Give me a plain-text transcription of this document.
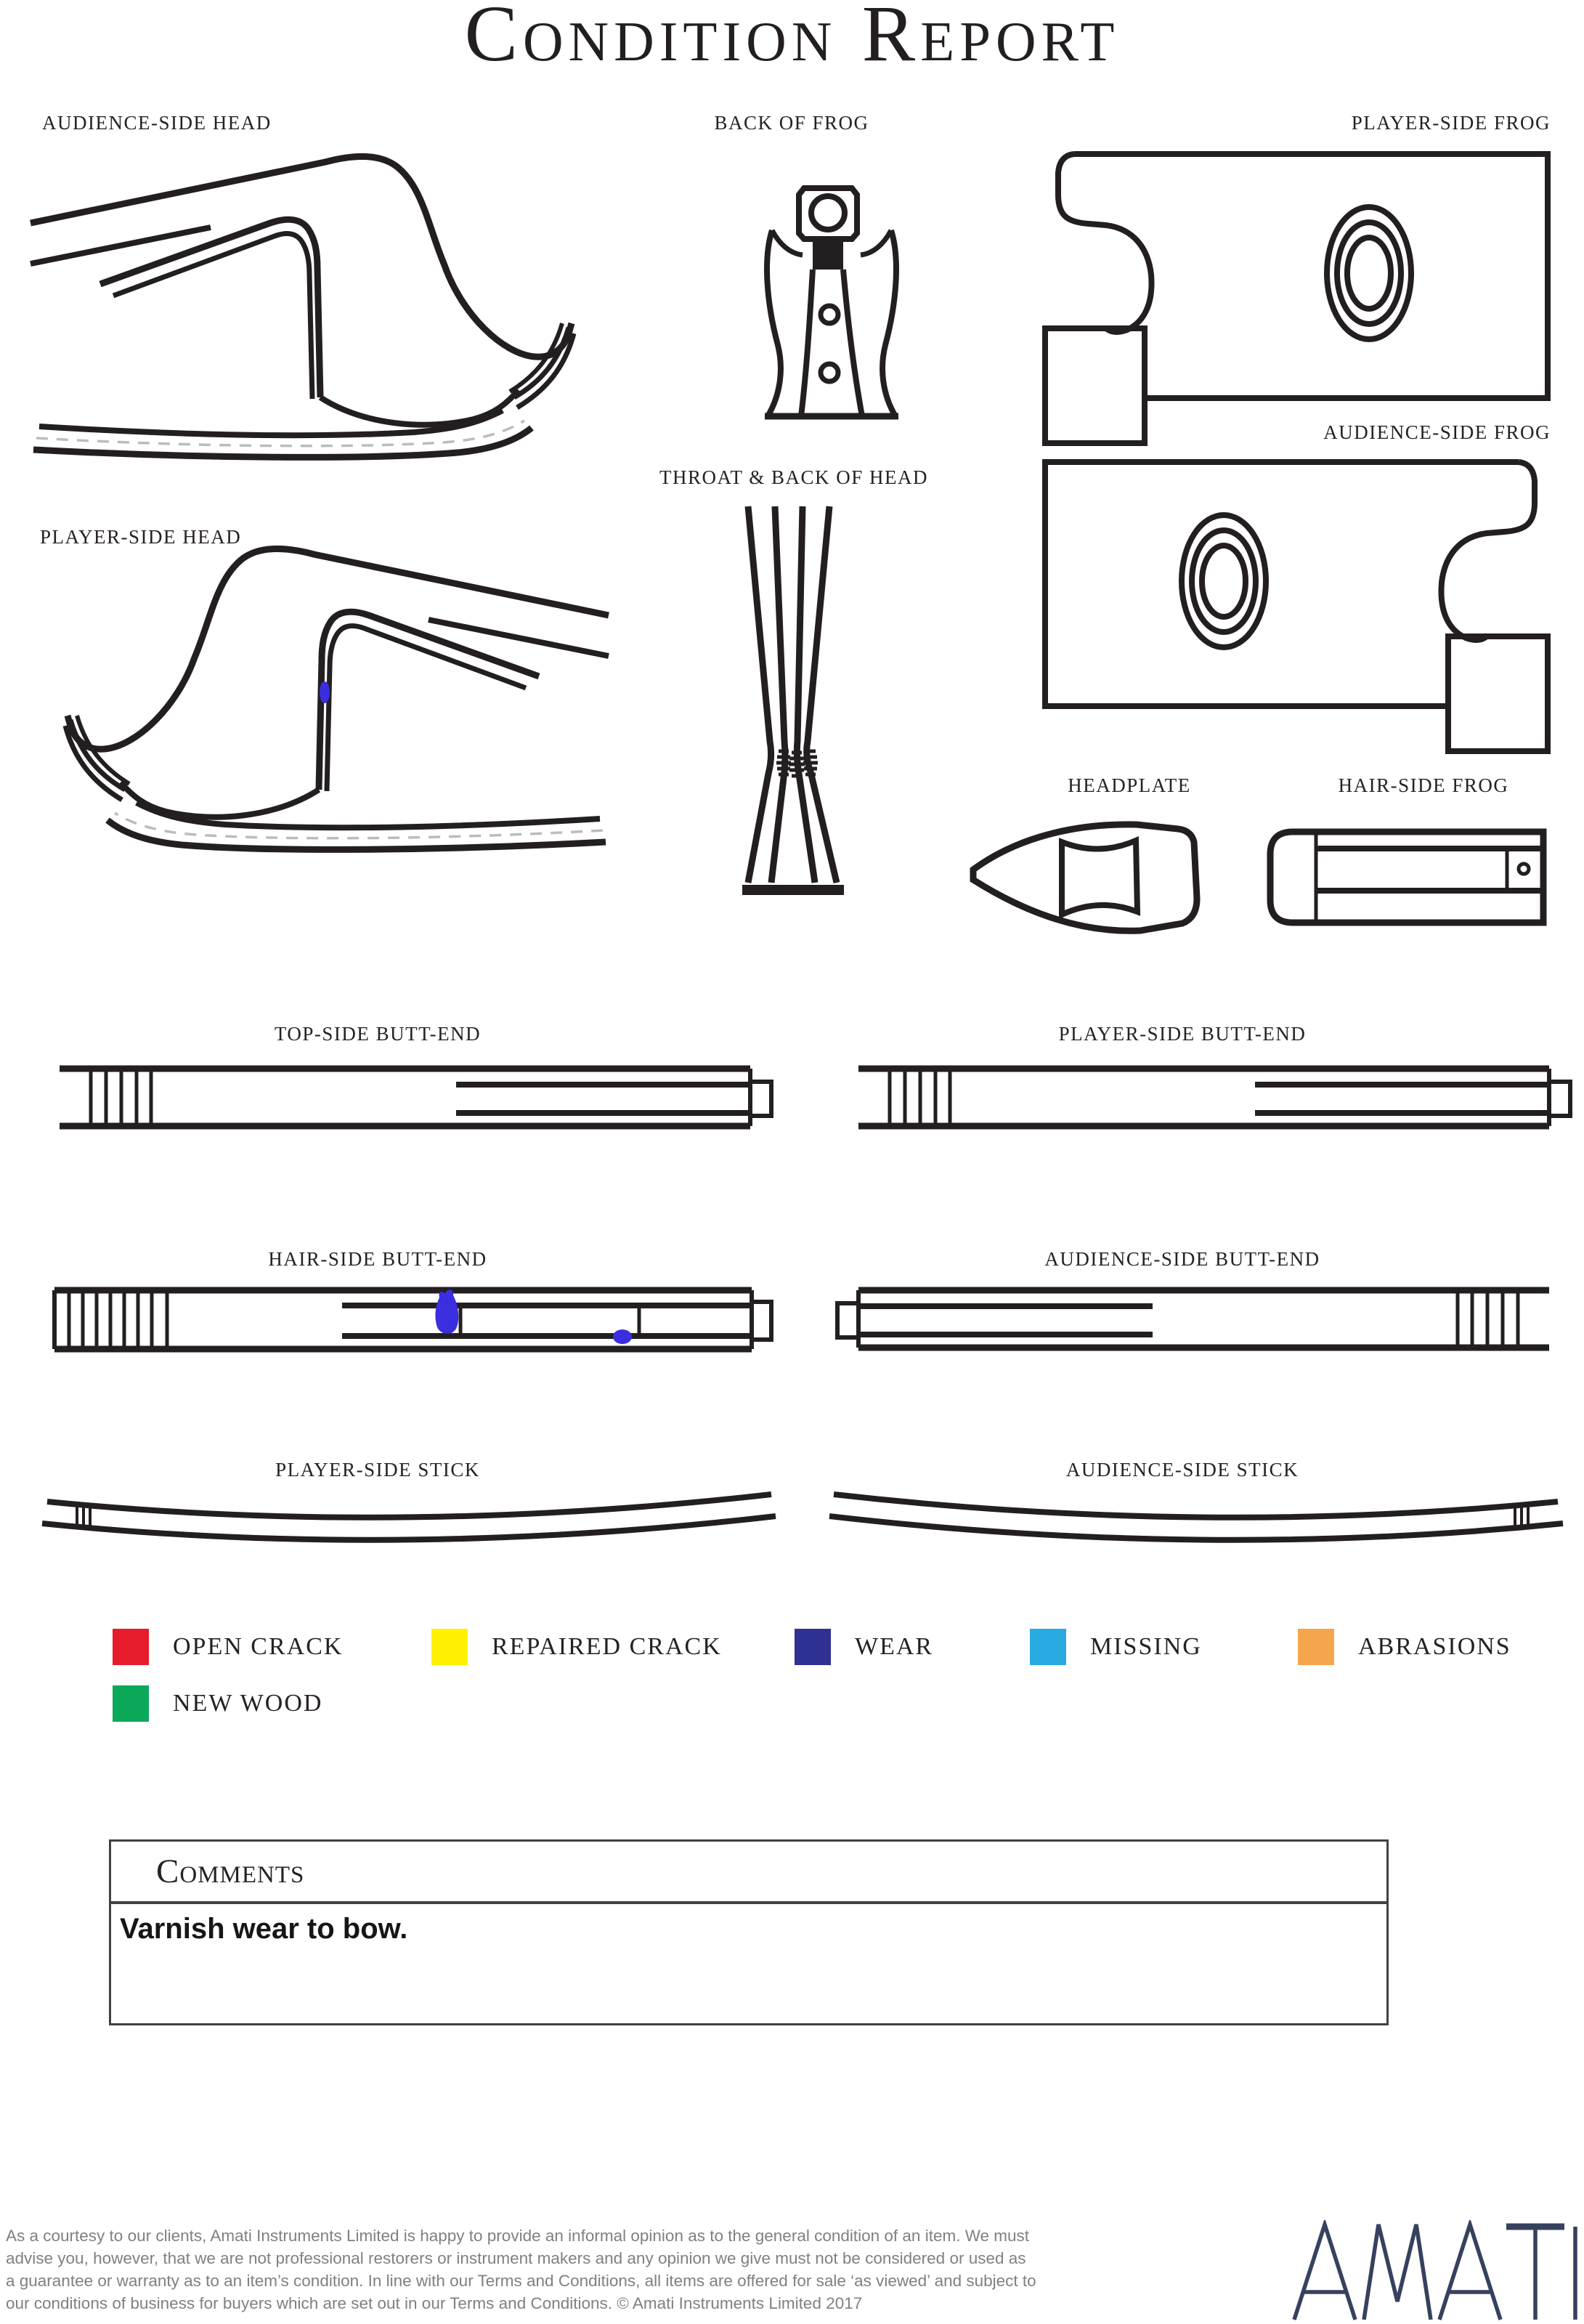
Condition Report
AUDIENCE-SIDE HEAD	BACK OF FROG	PLAYER-SIDE FROG
AUDIENCE-SIDE FROG
THROAT & BACK OF HEAD
PLAYER-SIDE HEAD
HEADPLATE	HAIR-SIDE FROG
TOP-SIDE BUTT-END	PLAYER-SIDE BUTT-END
HAIR-SIDE BUTT-END	AUDIENCE-SIDE BUTT-END
PLAYER-SIDE STICK	AUDIENCE-SIDE STICK
OPEN CRACK	REPAIRED CRACK	WEAR	MISSING	ABRASIONS
NEW WOOD
Comments
Varnish wear to bow.
As a courtesy to our clients, Amati Instruments Limited is happy to provide an informal opinion as to the general condition of an item. We must
advise you, however, that we are not professional restorers or instrument makers and any opinion we give must not be considered or used as
a guarantee or warranty as to an item’s condition. In line with our Terms and Conditions, all items are offered for sale ‘as viewed’ and subject to
our conditions of business for buyers which are set out in our Terms and Conditions. © Amati Instruments Limited 2017
